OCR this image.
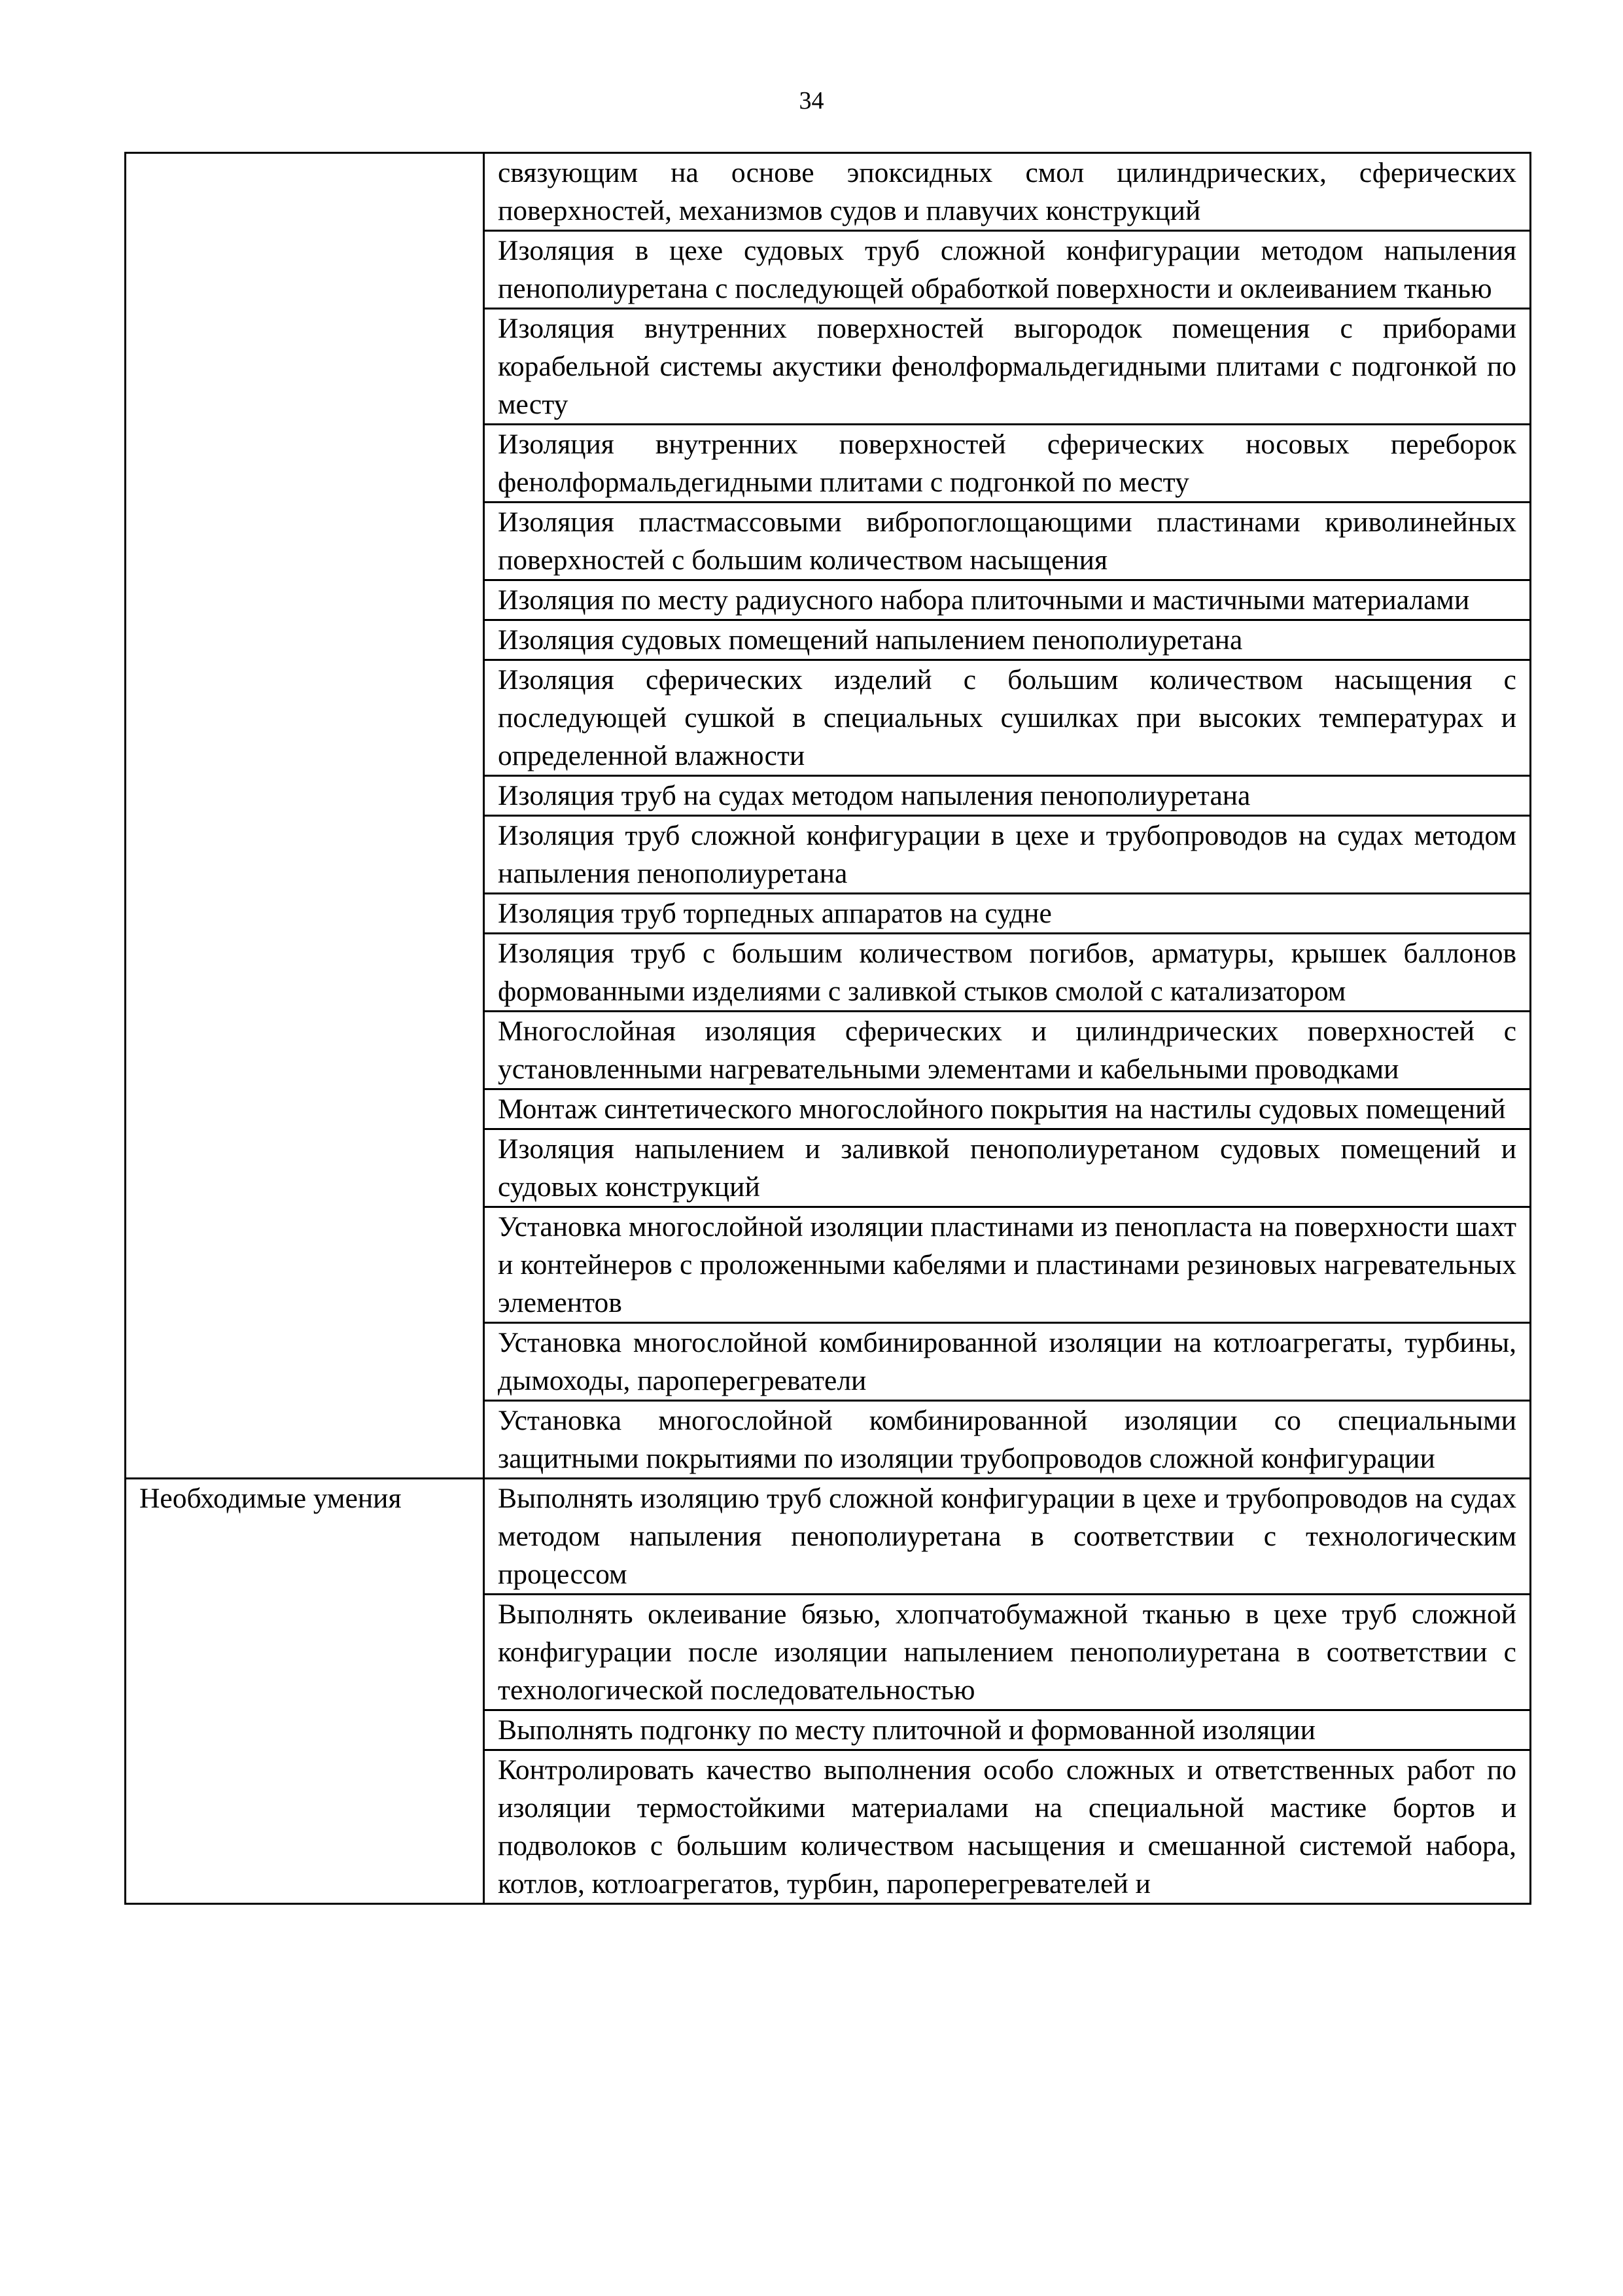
34
	связующим на основе эпоксидных смол цилиндрических, сферических поверхностей, механизмов судов и плавучих конструкций
	Изоляция в цехе судовых труб сложной конфигурации методом напыления пенополиуретана с последующей обработкой поверхности и оклеиванием тканью
	Изоляция внутренних поверхностей выгородок помещения с приборами корабельной системы акустики фенолформальдегидными плитами с подгонкой по месту
	Изоляция внутренних поверхностей сферических носовых переборок фенолформальдегидными плитами с подгонкой по месту
	Изоляция пластмассовыми вибропоглощающими пластинами криволинейных поверхностей с большим количеством насыщения
	Изоляция по месту радиусного набора плиточными и мастичными материалами
	Изоляция судовых помещений напылением пенополиуретана
	Изоляция сферических изделий с большим количеством насыщения с последующей сушкой в специальных сушилках при высоких температурах и определенной влажности
	Изоляция труб на судах методом напыления пенополиуретана
	Изоляция труб сложной конфигурации в цехе и трубопроводов на судах методом напыления пенополиуретана
	Изоляция труб торпедных аппаратов на судне
	Изоляция труб с большим количеством погибов, арматуры, крышек баллонов формованными изделиями с заливкой стыков смолой с катализатором
	Многослойная изоляция сферических и цилиндрических поверхностей с установленными нагревательными элементами и кабельными проводками
	Монтаж синтетического многослойного покрытия на настилы судовых помещений
	Изоляция напылением и заливкой пенополиуретаном судовых помещений и судовых конструкций
	Установка многослойной изоляции пластинами из пенопласта на поверхности шахт и контейнеров с проложенными кабелями и пластинами резиновых нагревательных элементов
	Установка многослойной комбинированной изоляции на котлоагрегаты, турбины, дымоходы, пароперегреватели
	Установка многослойной комбинированной изоляции со специальными защитными покрытиями по изоляции трубопроводов сложной конфигурации
Необходимые умения	Выполнять изоляцию труб сложной конфигурации в цехе и трубопроводов на судах методом напыления пенополиуретана в соответствии с технологическим процессом
	Выполнять оклеивание бязью, хлопчатобумажной тканью в цехе труб сложной конфигурации после изоляции напылением пенополиуретана в соответствии с технологической последовательностью
	Выполнять подгонку по месту плиточной и формованной изоляции
	Контролировать качество выполнения особо сложных и ответственных работ по изоляции термостойкими материалами на специальной мастике бортов и подволоков с большим количеством насыщения и смешанной системой набора, котлов, котлоагрегатов, турбин, пароперегревателей и
